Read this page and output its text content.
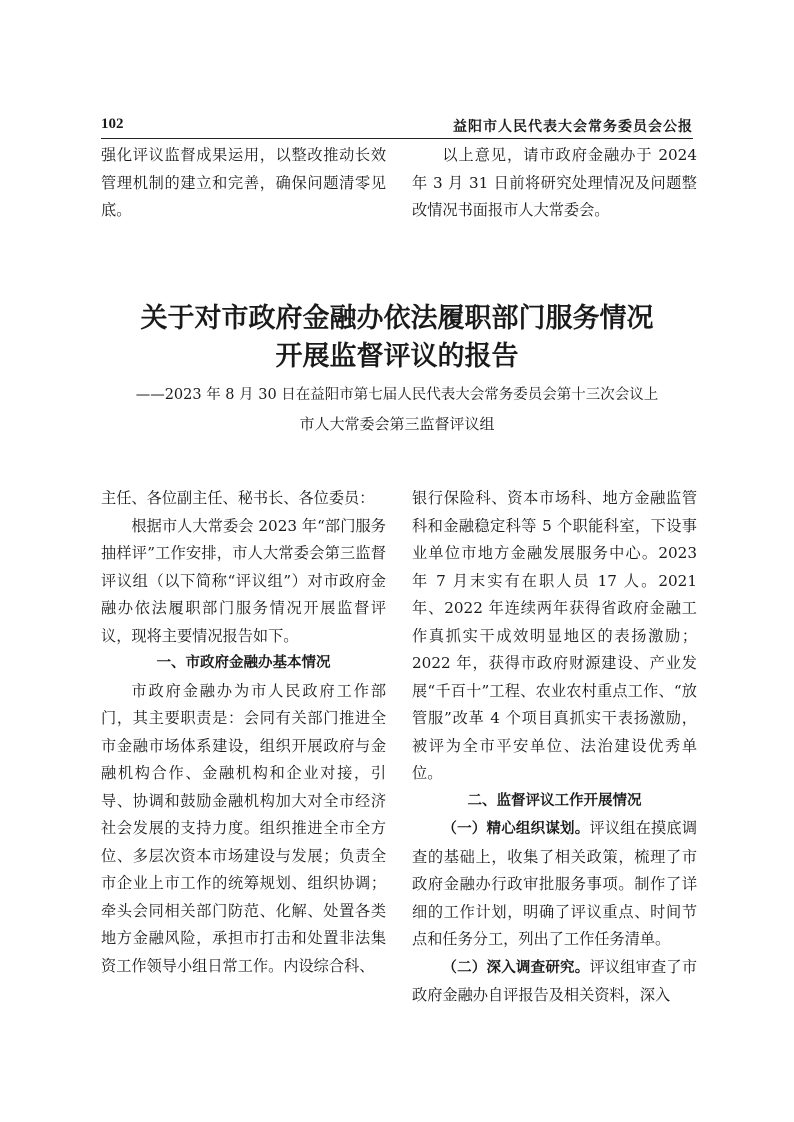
102	益阳市人民代表大会常务委员会公报

强化评议监督成果运用，以整改推动长效管理机制的建立和完善，确保问题清零见底。

以上意见，请市政府金融办于 2024 年 3 月 31 日前将研究处理情况及问题整改情况书面报市人大常委会。

关于对市政府金融办依法履职部门服务情况
开展监督评议的报告

——2023 年 8 月 30 日在益阳市第七届人民代表大会常务委员会第十三次会议上

市人大常委会第三监督评议组

主任、各位副主任、秘书长、各位委员：

根据市人大常委会 2023 年“部门服务抽样评”工作安排，市人大常委会第三监督评议组（以下简称“评议组”）对市政府金融办依法履职部门服务情况开展监督评议，现将主要情况报告如下。

一、市政府金融办基本情况

市政府金融办为市人民政府工作部门，其主要职责是：会同有关部门推进全市金融市场体系建设，组织开展政府与金融机构合作、金融机构和企业对接，引导、协调和鼓励金融机构加大对全市经济社会发展的支持力度。组织推进全市全方位、多层次资本市场建设与发展；负责全市企业上市工作的统筹规划、组织协调；牵头会同相关部门防范、化解、处置各类地方金融风险，承担市打击和处置非法集资工作领导小组日常工作。内设综合科、

银行保险科、资本市场科、地方金融监管科和金融稳定科等 5 个职能科室，下设事业单位市地方金融发展服务中心。2023 年 7 月末实有在职人员 17 人。2021 年、2022 年连续两年获得省政府金融工作真抓实干成效明显地区的表扬激励；2022 年，获得市政府财源建设、产业发展“千百十”工程、农业农村重点工作、“放管服”改革 4 个项目真抓实干表扬激励，被评为全市平安单位、法治建设优秀单位。

二、监督评议工作开展情况

（一）精心组织谋划。评议组在摸底调查的基础上，收集了相关政策，梳理了市政府金融办行政审批服务事项。制作了详细的工作计划，明确了评议重点、时间节点和任务分工，列出了工作任务清单。

（二）深入调查研究。评议组审查了市政府金融办自评报告及相关资料，深入
